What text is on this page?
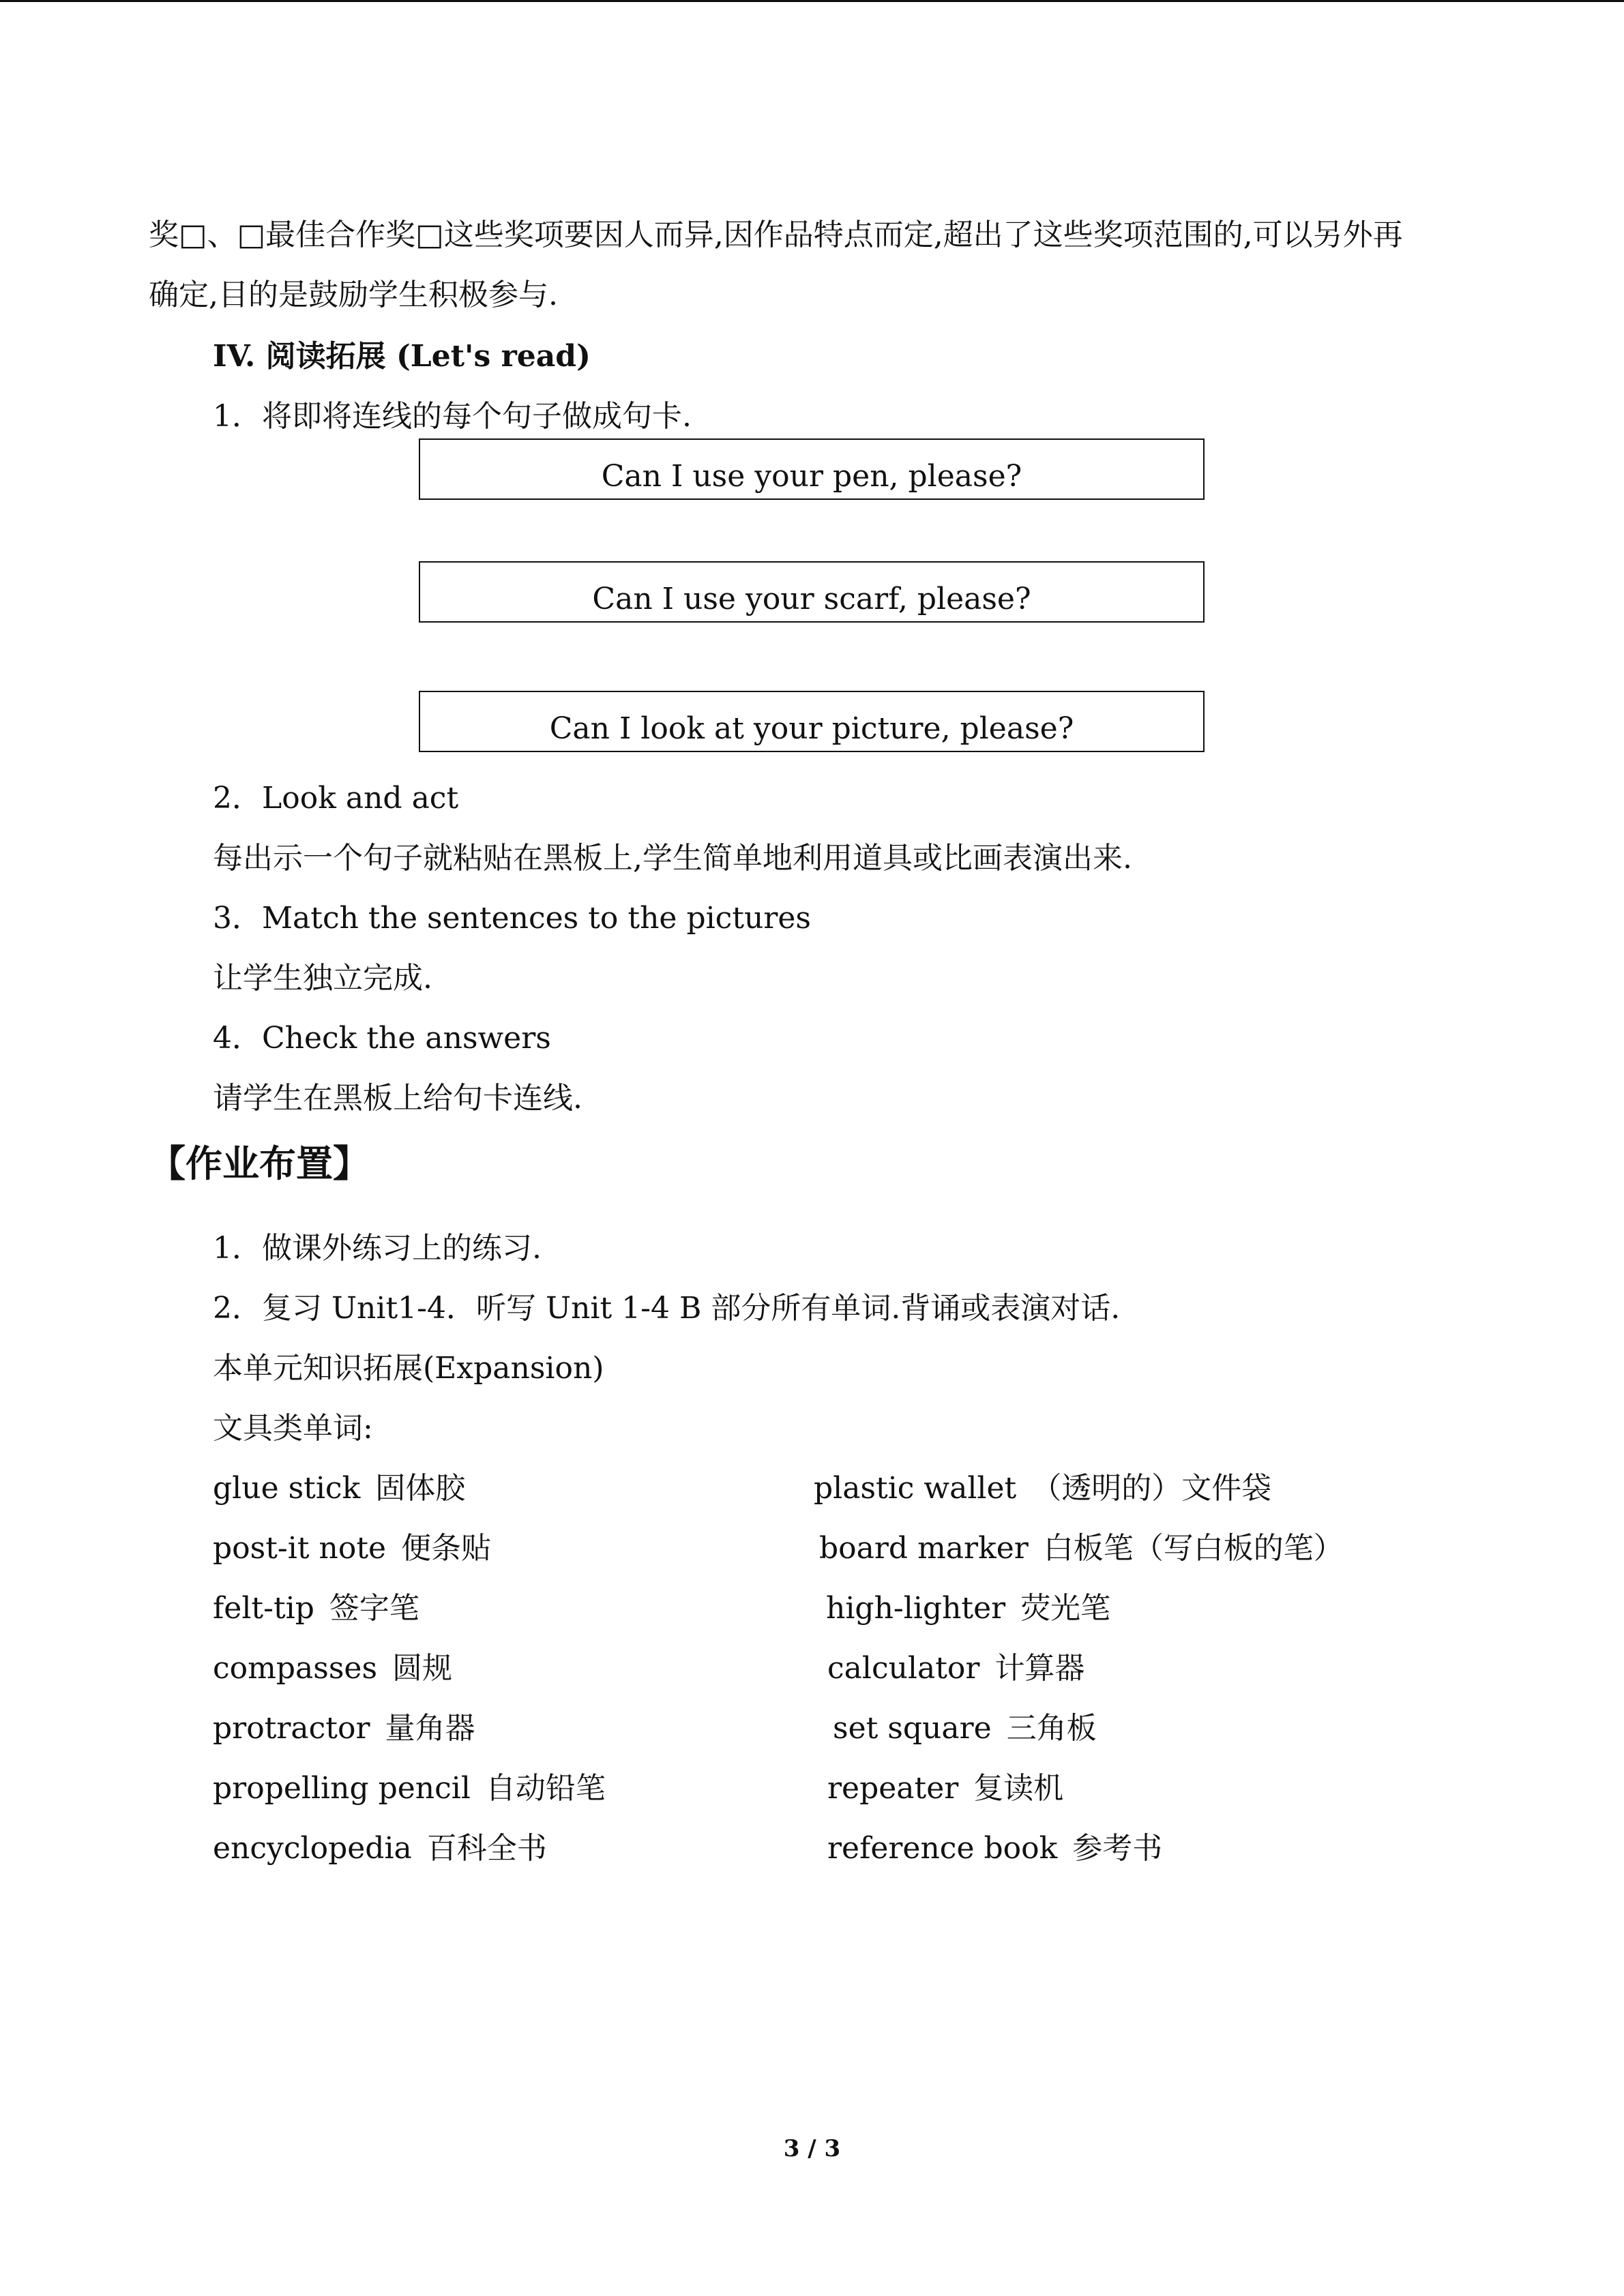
奖□、□最佳合作奖□这些奖项要因人而异,因作品特点而定,超出了这些奖项范围的,可以另外再
确定,目的是鼓励学生积极参与.
IV. 阅读拓展 (Let's read)
1．将即将连线的每个句子做成句卡.
Can I use your pen, please?
Can I use your scarf, please?
Can I look at your picture, please?
2．Look and act
每出示一个句子就粘贴在黑板上,学生简单地利用道具或比画表演出来.
3．Match the sentences to the pictures
让学生独立完成.
4．Check the answers
请学生在黑板上给句卡连线.
【作业布置】
1．做课外练习上的练习.
2．复习 Unit1-4．听写 Unit 1-4 B 部分所有单词.背诵或表演对话.
本单元知识拓展(Expansion)
文具类单词:
glue stick 固体胶
post-it note 便条贴
felt-tip 签字笔
compasses 圆规
protractor 量角器
propelling pencil 自动铅笔
encyclopedia 百科全书
plastic wallet （透明的）文件袋
board marker 白板笔（写白板的笔）
high-lighter 荧光笔
calculator 计算器
set square 三角板
repeater 复读机
reference book 参考书
3 / 3
